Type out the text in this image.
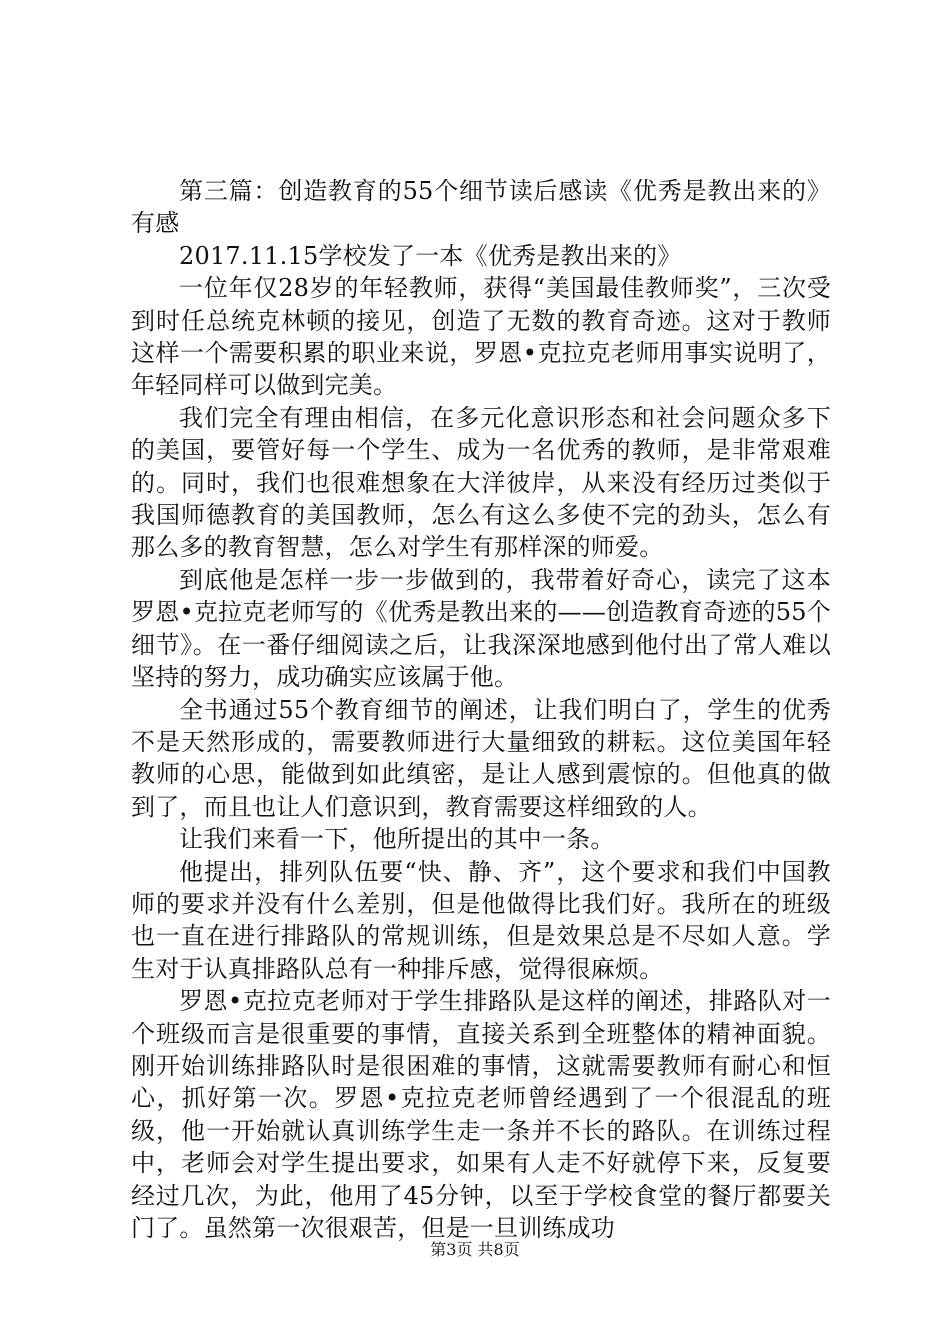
第三篇：创造教育的55个细节读后感读《优秀是教出来的》有感

2017.11.15学校发了一本《优秀是教出来的》

一位年仅28岁的年轻教师，获得“美国最佳教师奖”，三次受到时任总统克林顿的接见，创造了无数的教育奇迹。这对于教师这样一个需要积累的职业来说，罗恩•克拉克老师用事实说明了，年轻同样可以做到完美。

我们完全有理由相信，在多元化意识形态和社会问题众多下的美国，要管好每一个学生、成为一名优秀的教师，是非常艰难的。同时，我们也很难想象在大洋彼岸，从来没有经历过类似于我国师德教育的美国教师，怎么有这么多使不完的劲头，怎么有那么多的教育智慧，怎么对学生有那样深的师爱。

到底他是怎样一步一步做到的，我带着好奇心，读完了这本罗恩•克拉克老师写的《优秀是教出来的——创造教育奇迹的55个细节》。在一番仔细阅读之后，让我深深地感到他付出了常人难以坚持的努力，成功确实应该属于他。

全书通过55个教育细节的阐述，让我们明白了，学生的优秀不是天然形成的，需要教师进行大量细致的耕耘。这位美国年轻教师的心思，能做到如此缜密，是让人感到震惊的。但他真的做到了，而且也让人们意识到，教育需要这样细致的人。

让我们来看一下，他所提出的其中一条。

他提出，排列队伍要“快、静、齐”，这个要求和我们中国教师的要求并没有什么差别，但是他做得比我们好。我所在的班级也一直在进行排路队的常规训练，但是效果总是不尽如人意。学生对于认真排路队总有一种排斥感，觉得很麻烦。

罗恩•克拉克老师对于学生排路队是这样的阐述，排路队对一个班级而言是很重要的事情，直接关系到全班整体的精神面貌。刚开始训练排路队时是很困难的事情，这就需要教师有耐心和恒心，抓好第一次。罗恩•克拉克老师曾经遇到了一个很混乱的班级，他一开始就认真训练学生走一条并不长的路队。在训练过程中，老师会对学生提出要求，如果有人走不好就停下来，反复要经过几次，为此，他用了45分钟，以至于学校食堂的餐厅都要关门了。虽然第一次很艰苦，但是一旦训练成功

第3页 共8页
